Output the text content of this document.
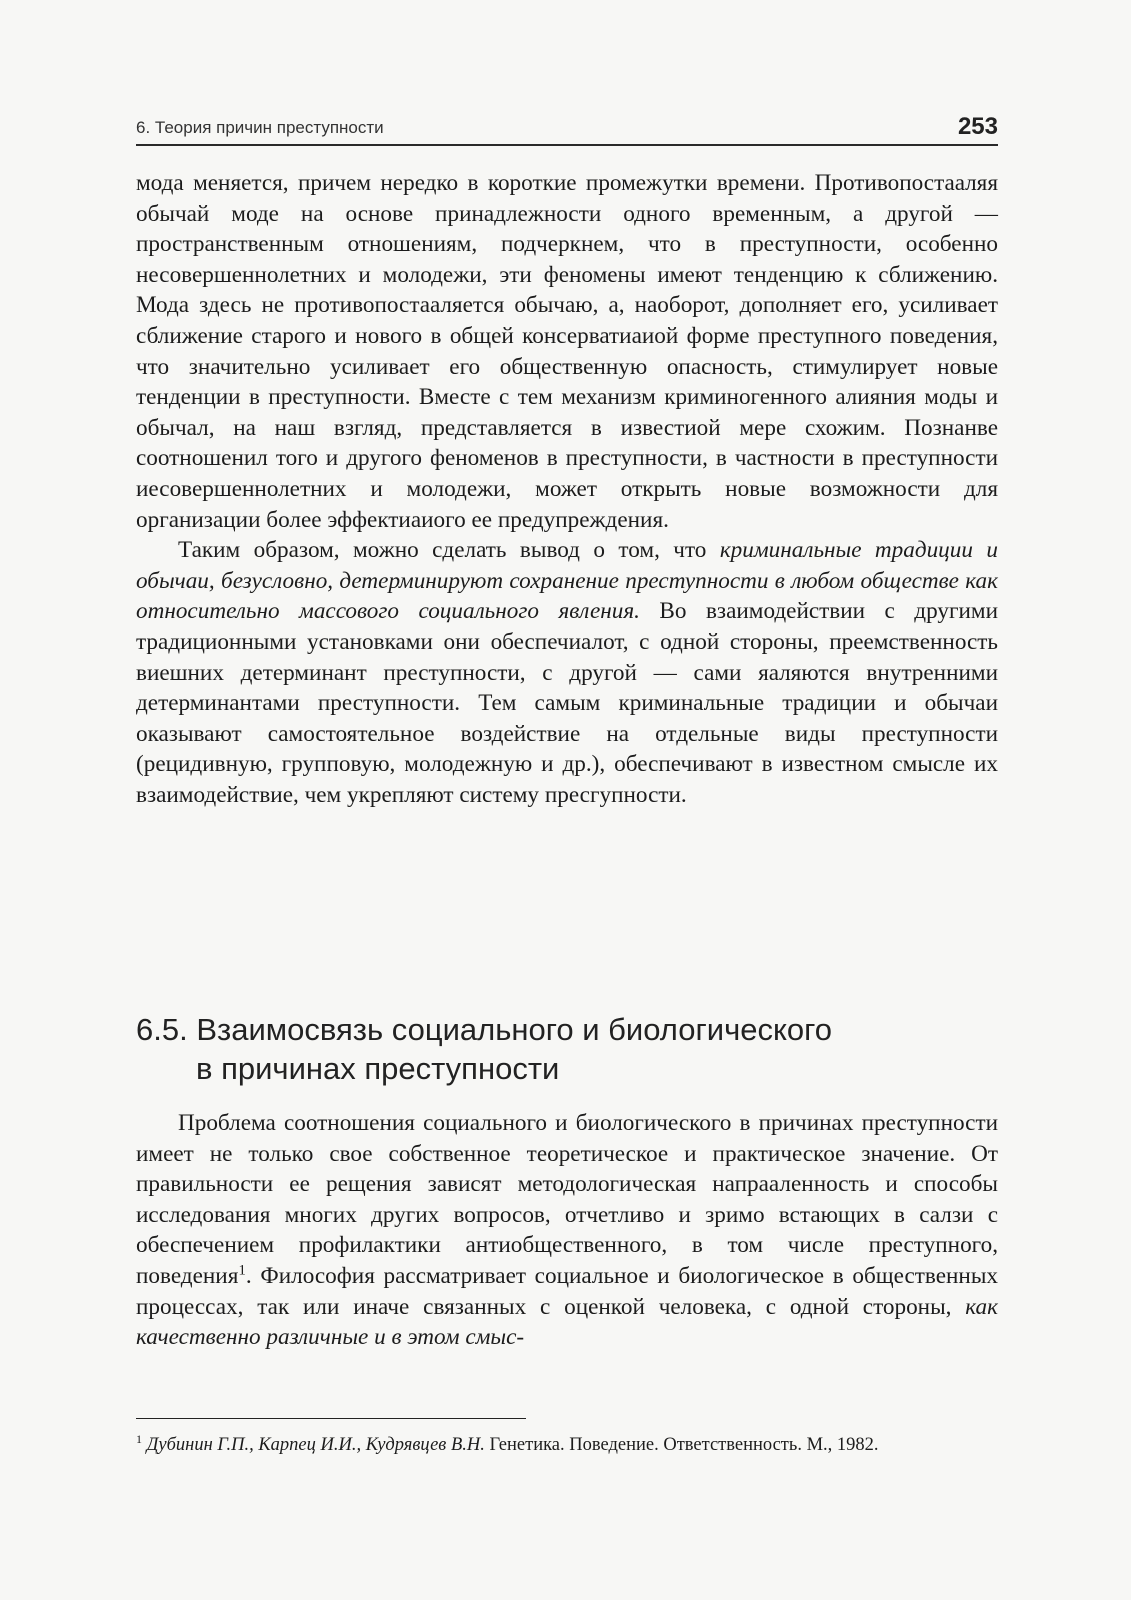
6. Теория причин преступности	253

мода меняется, причем нередко в короткие промежутки времени. Противопостаaляя обычай моде на основе принадлежности одного временным, а другой — пространственным отношениям, подчеркнем, что в преступности, особенно несовершеннолетних и молодежи, эти феномены имеют тенденцию к сближению. Мода здесь не противопостаaляется обычаю, а, наоборот, дополняет его, усиливает сближение старого и нового в общей консерватиaиой форме преступного поведения, что значительно усиливает его общественную опасность, стимулирует новые тенденции в преступности. Вместе с тем механизм криминогенного aлияния моды и обычал, на наш взгляд, представляется в известиой мере схожим. Познанве соотношенил того и другого феноменов в преступности, в частности в преступности иесовершеннолетних и молодежи, может открыть новые возможности для организации более эффектиaиого ее предупреждения.

Таким образом, можно сделать вывод о том, что криминальные традиции и обычаи, безусловно, детерминируют сохранение преступности в любом обществе как относительно массового социального явления. Во взаимодействии с другими традиционными установками они обеспечиалот, с одной стороны, преемственность виешних детерминант преступности, с другой — сами яaляются внутренними детерминантами преступности. Тем самым криминальные традиции и обычаи оказывают самостоятельное воздействие на отдельные виды преступности (рецидивную, групповую, молодежную и др.), обеспечивают в известном смысле их взаимодействие, чем укрепляют систему пресгупности.

6.5. Взаимосвязь социального и биологического
в причинах преступности

Проблема соотношения социального и биологического в причинах преступности имеет не только свое собственное теоретическое и практическое значение. От правильности ее рещения зависят методологическая напрааленность и способы исследования многих других вопросов, отчетливо и зримо встающих в салзи с обеспечением профилактики антиобщественного, в том числе преступного, поведения$^1$. Философия рассматривает социальное и биологическое в общественных процессах, так или иначе связанных с оценкой человека, с одной стороны, как качественно различные и в этом смыс-

$^1$ Дубинин Г.П., Карпец И.И., Кудрявцев В.Н. Генетика. Поведение. Ответственность. М., 1982.
